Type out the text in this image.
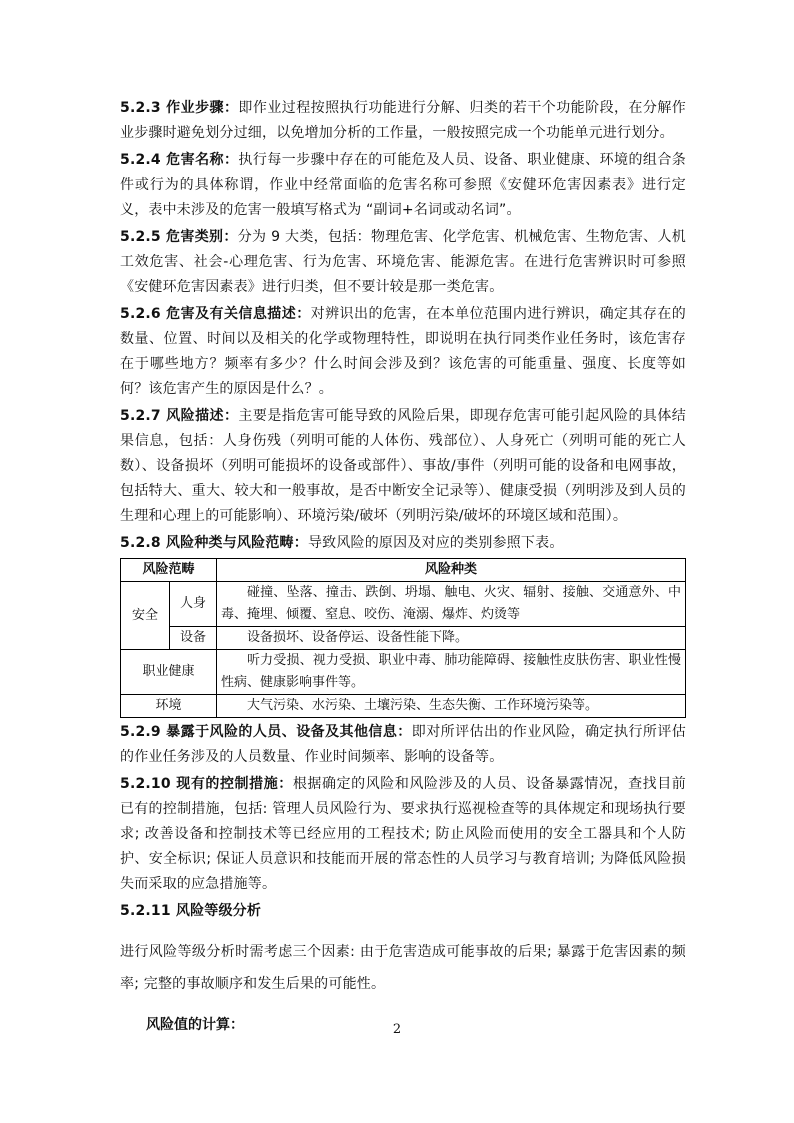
5.2.3 作业步骤：即作业过程按照执行功能进行分解、归类的若干个功能阶段，在分解作业步骤时避免划分过细，以免增加分析的工作量，一般按照完成一个功能单元进行划分。

5.2.4 危害名称：执行每一步骤中存在的可能危及人员、设备、职业健康、环境的组合条件或行为的具体称谓，作业中经常面临的危害名称可参照《安健环危害因素表》进行定义，表中未涉及的危害一般填写格式为 “副词+名词或动名词”。

5.2.5 危害类别：分为 9 大类，包括：物理危害、化学危害、机械危害、生物危害、人机工效危害、社会-心理危害、行为危害、环境危害、能源危害。在进行危害辨识时可参照《安健环危害因素表》进行归类，但不要计较是那一类危害。

5.2.6 危害及有关信息描述：对辨识出的危害，在本单位范围内进行辨识，确定其存在的数量、位置、时间以及相关的化学或物理特性，即说明在执行同类作业任务时，该危害存在于哪些地方？频率有多少？什么时间会涉及到？该危害的可能重量、强度、长度等如何？该危害产生的原因是什么？。

5.2.7 风险描述：主要是指危害可能导致的风险后果，即现存危害可能引起风险的具体结果信息，包括：人身伤残（列明可能的人体伤、残部位）、人身死亡（列明可能的死亡人数）、设备损坏（列明可能损坏的设备或部件）、事故/事件（列明可能的设备和电网事故，包括特大、重大、较大和一般事故，是否中断安全记录等）、健康受损（列明涉及到人员的生理和心理上的可能影响）、环境污染/破坏（列明污染/破坏的环境区域和范围）。

5.2.8 风险种类与风险范畴：导致风险的原因及对应的类别参照下表。

风险范畴		风险种类
安全	人身	碰撞、坠落、撞击、跌倒、坍塌、触电、火灾、辐射、接触、交通意外、中毒、掩埋、倾覆、窒息、咬伤、淹溺、爆炸、灼烫等
	设备	设备损坏、设备停运、设备性能下降。
职业健康		听力受损、视力受损、职业中毒、肺功能障碍、接触性皮肤伤害、职业性慢性病、健康影响事件等。
环境		大气污染、水污染、土壤污染、生态失衡、工作环境污染等。

5.2.9 暴露于风险的人员、设备及其他信息：即对所评估出的作业风险，确定执行所评估的作业任务涉及的人员数量、作业时间频率、影响的设备等。

5.2.10 现有的控制措施：根据确定的风险和风险涉及的人员、设备暴露情况，查找目前已有的控制措施，包括: 管理人员风险行为、要求执行巡视检查等的具体规定和现场执行要求; 改善设备和控制技术等已经应用的工程技术; 防止风险而使用的安全工器具和个人防护、安全标识; 保证人员意识和技能而开展的常态性的人员学习与教育培训; 为降低风险损失而采取的应急措施等。

5.2.11 风险等级分析

进行风险等级分析时需考虑三个因素: 由于危害造成可能事故的后果; 暴露于危害因素的频率; 完整的事故顺序和发生后果的可能性。

风险值的计算：	2
